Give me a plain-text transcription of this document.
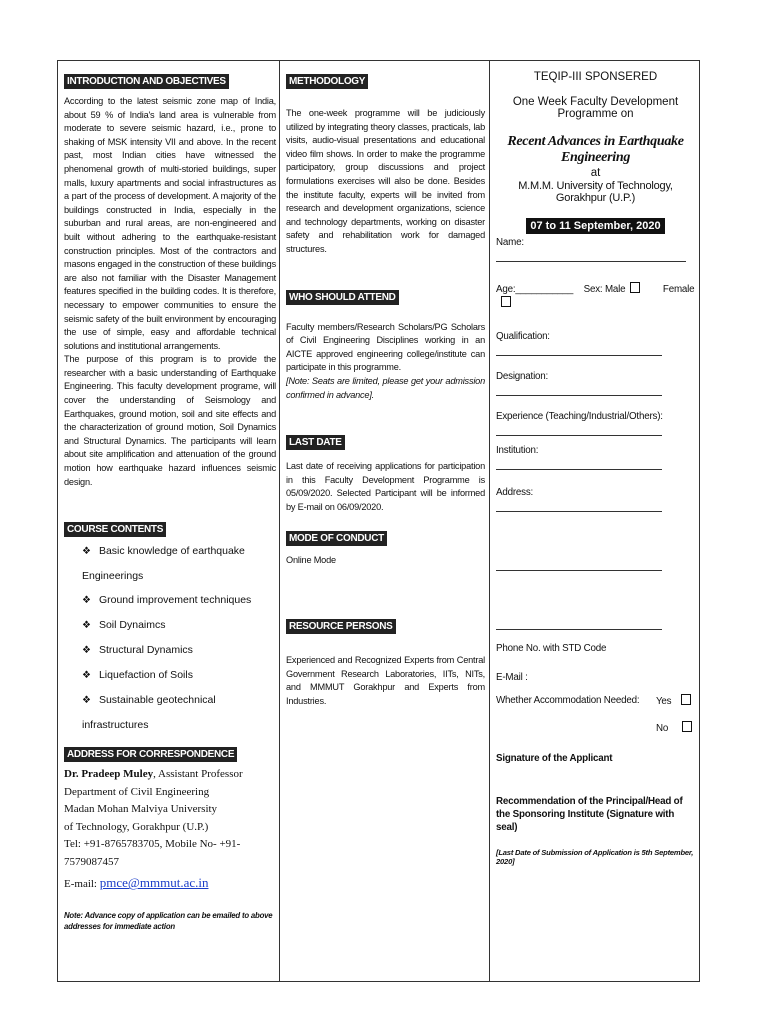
INTRODUCTION AND OBJECTIVES

According to the latest seismic zone map of India, about 59 % of India's land area is vulnerable from moderate to severe seismic hazard, i.e., prone to shaking of MSK intensity VII and above. In the recent past, most Indian cities have witnessed the phenomenal growth of multi-storied buildings, super malls, luxury apartments and social infrastructures as a part of the process of development. A majority of the buildings constructed in India, especially in the suburban and rural areas, are non-engineered and built without adhering to the earthquake-resistant construction principles. Most of the contractors and masons engaged in the construction of these buildings are also not familiar with the Disaster Management features specified in the building codes. It is therefore, necessary to empower communities to ensure the seismic safety of the built environment by encouraging the use of simple, easy and affordable technical solutions and institutional arrangements.

The purpose of this program is to provide the researcher with a basic understanding of Earthquake Engineering. This faculty development programe, will cover the understanding of Seismology and Earthquakes, ground motion, soil and site effects and the characterization of ground motion, Soil Dynamics and Structural Dynamics. The participants will learn about site amplification and attenuation of the ground motion how earthquake hazard influences seismic design.

COURSE CONTENTS
❖ Basic knowledge of earthquake Engineerings
❖ Ground improvement techniques
❖ Soil Dynaimcs
❖ Structural Dynamics
❖ Liquefaction of Soils
❖ Sustainable geotechnical infrastructures
ADDRESS FOR CORRESPONDENCE
Dr. Pradeep Muley, Assistant Professor
Department of Civil Engineering
Madan Mohan Malviya University
of Technology, Gorakhpur (U.P.)
Tel: +91-8765783705, Mobile No- +91-7579087457
E-mail: pmce@mmmut.ac.in

Note: Advance copy of application can be emailed to above addresses for immediate action

METHODOLOGY

The one-week programme will be judiciously utilized by integrating theory classes, practicals, lab visits, audio-visual presentations and educational video film shows. In order to make the programme participatory, group discussions and project formulations exercises will also be done. Besides the institute faculty, experts will be invited from research and development organizations, science and technology departments, working on disaster safety and rehabilitation work for damaged structures.

WHO SHOULD ATTEND

Faculty members/Research Scholars/PG Scholars of Civil Engineering Disciplines working in an AICTE approved engineering college/institute can participate in this programme.

[Note: Seats are limited, please get your admission confirmed in advance].

LAST DATE

Last date of receiving applications for participation in this Faculty Development Programme is 05/09/2020. Selected Participant will be informed by E-mail on 06/09/2020.

MODE OF CONDUCT

Online Mode

RESOURCE PERSONS

Experienced and Recognized Experts from Central Government Research Laboratories, IITs, NITs, and MMMUT Gorakhpur and Experts from Industries.

TEQIP-III SPONSERED
One Week Faculty Development Programme on
Recent Advances in Earthquake Engineering
at
M.M.M. University of Technology, Gorakhpur (U.P.)
07 to 11 September, 2020
Name:
Age:___________ Sex: Male	Female
Qualification:
Designation:
Experience (Teaching/Industrial/Others):
Institution:
Address:
Phone No. with STD Code
E-Mail :
Whether Accommodation Needed: Yes
No
Signature of the Applicant
Recommendation of the Principal/Head of the Sponsoring Institute (Signature with seal)
[Last Date of Submission of Application is 5th September, 2020]
